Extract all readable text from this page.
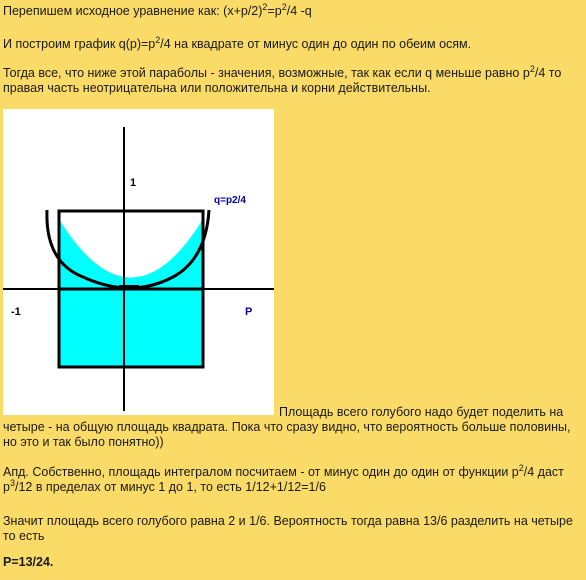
Перепишем исходное уравнение как: $(x+p/2)^2=p^2/4$ -q

И построим график $q(p)=p^2/4$ на квадрате от минус один до один по обеим осям.

Тогда все, что ниже этой параболы - значения, возможные, так как если q меньше равно $p^2/4$ то правая часть неотрицательна или положительна и корни действительны.

1
-1	P
q=p2/4

Площадь всего голубого надо будет поделить на четыре - на общую площадь квадрата. Пока что сразу видно, что вероятность больше половины, но это и так было понятно))

Апд. Собственно, площадь интегралом посчитаем - от минус один до один от функции $p^2/4$ даст $p^3/12$ в пределах от минус 1 до 1, то есть 1/12+1/12=1/6

Значит площадь всего голубого равна 2 и 1/6. Вероятность тогда равна 13/6 разделить на четыре то есть

P=13/24.
